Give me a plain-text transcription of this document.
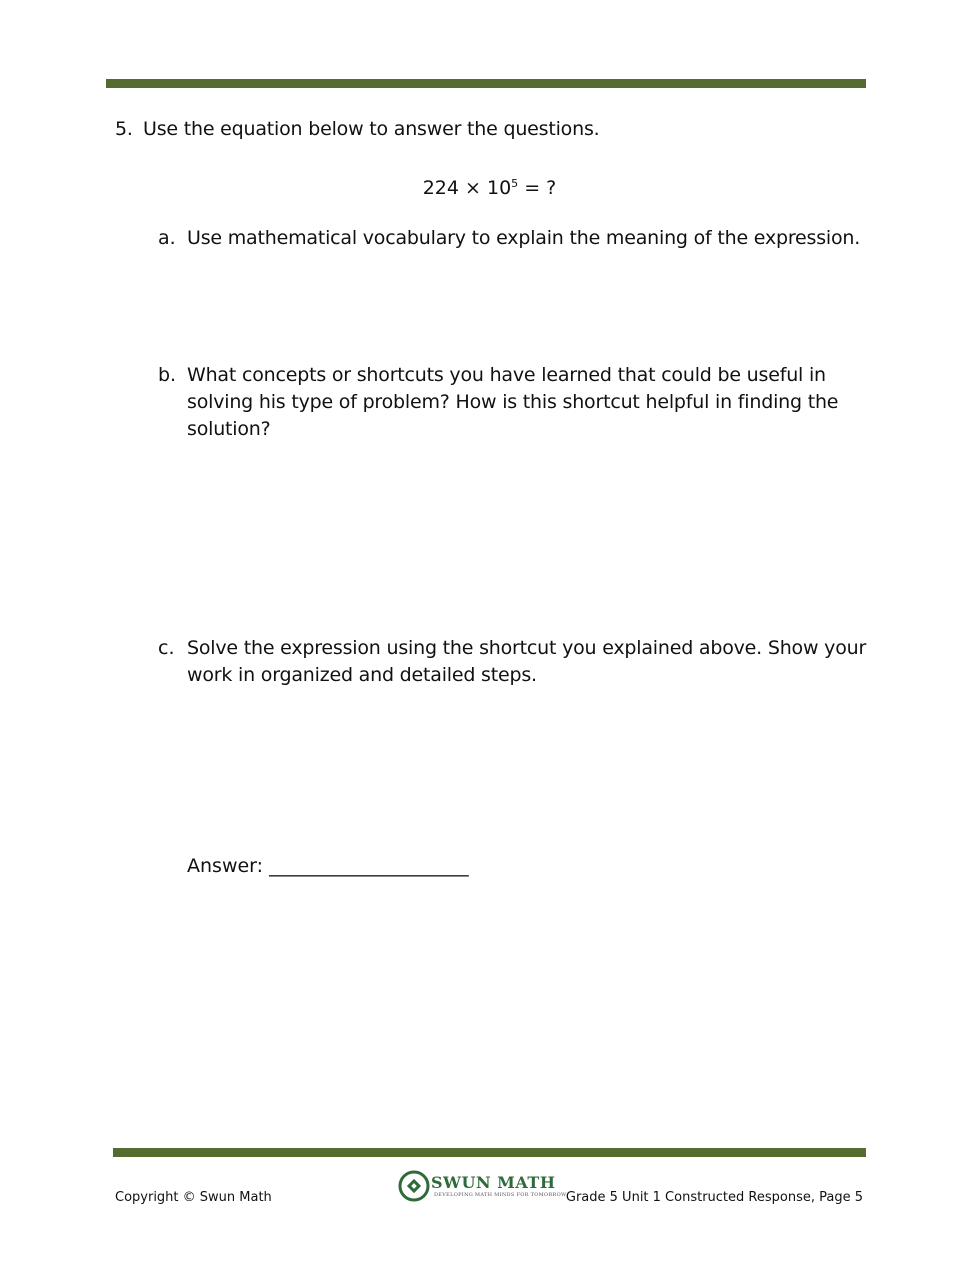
5. Use the equation below to answer the questions.
$224 \times 10^5$ = ?
a. Use mathematical vocabulary to explain the meaning of the expression.
b. What concepts or shortcuts you have learned that could be useful in
solving his type of problem? How is this shortcut helpful in finding the
solution?
c. Solve the expression using the shortcut you explained above. Show your
work in organized and detailed steps.
Answer: _____________________
Copyright © Swun Math
SWUN MATH
DEVELOPING MATH MINDS FOR TOMORROW Grade 5 Unit 1 Constructed Response, Page 5
